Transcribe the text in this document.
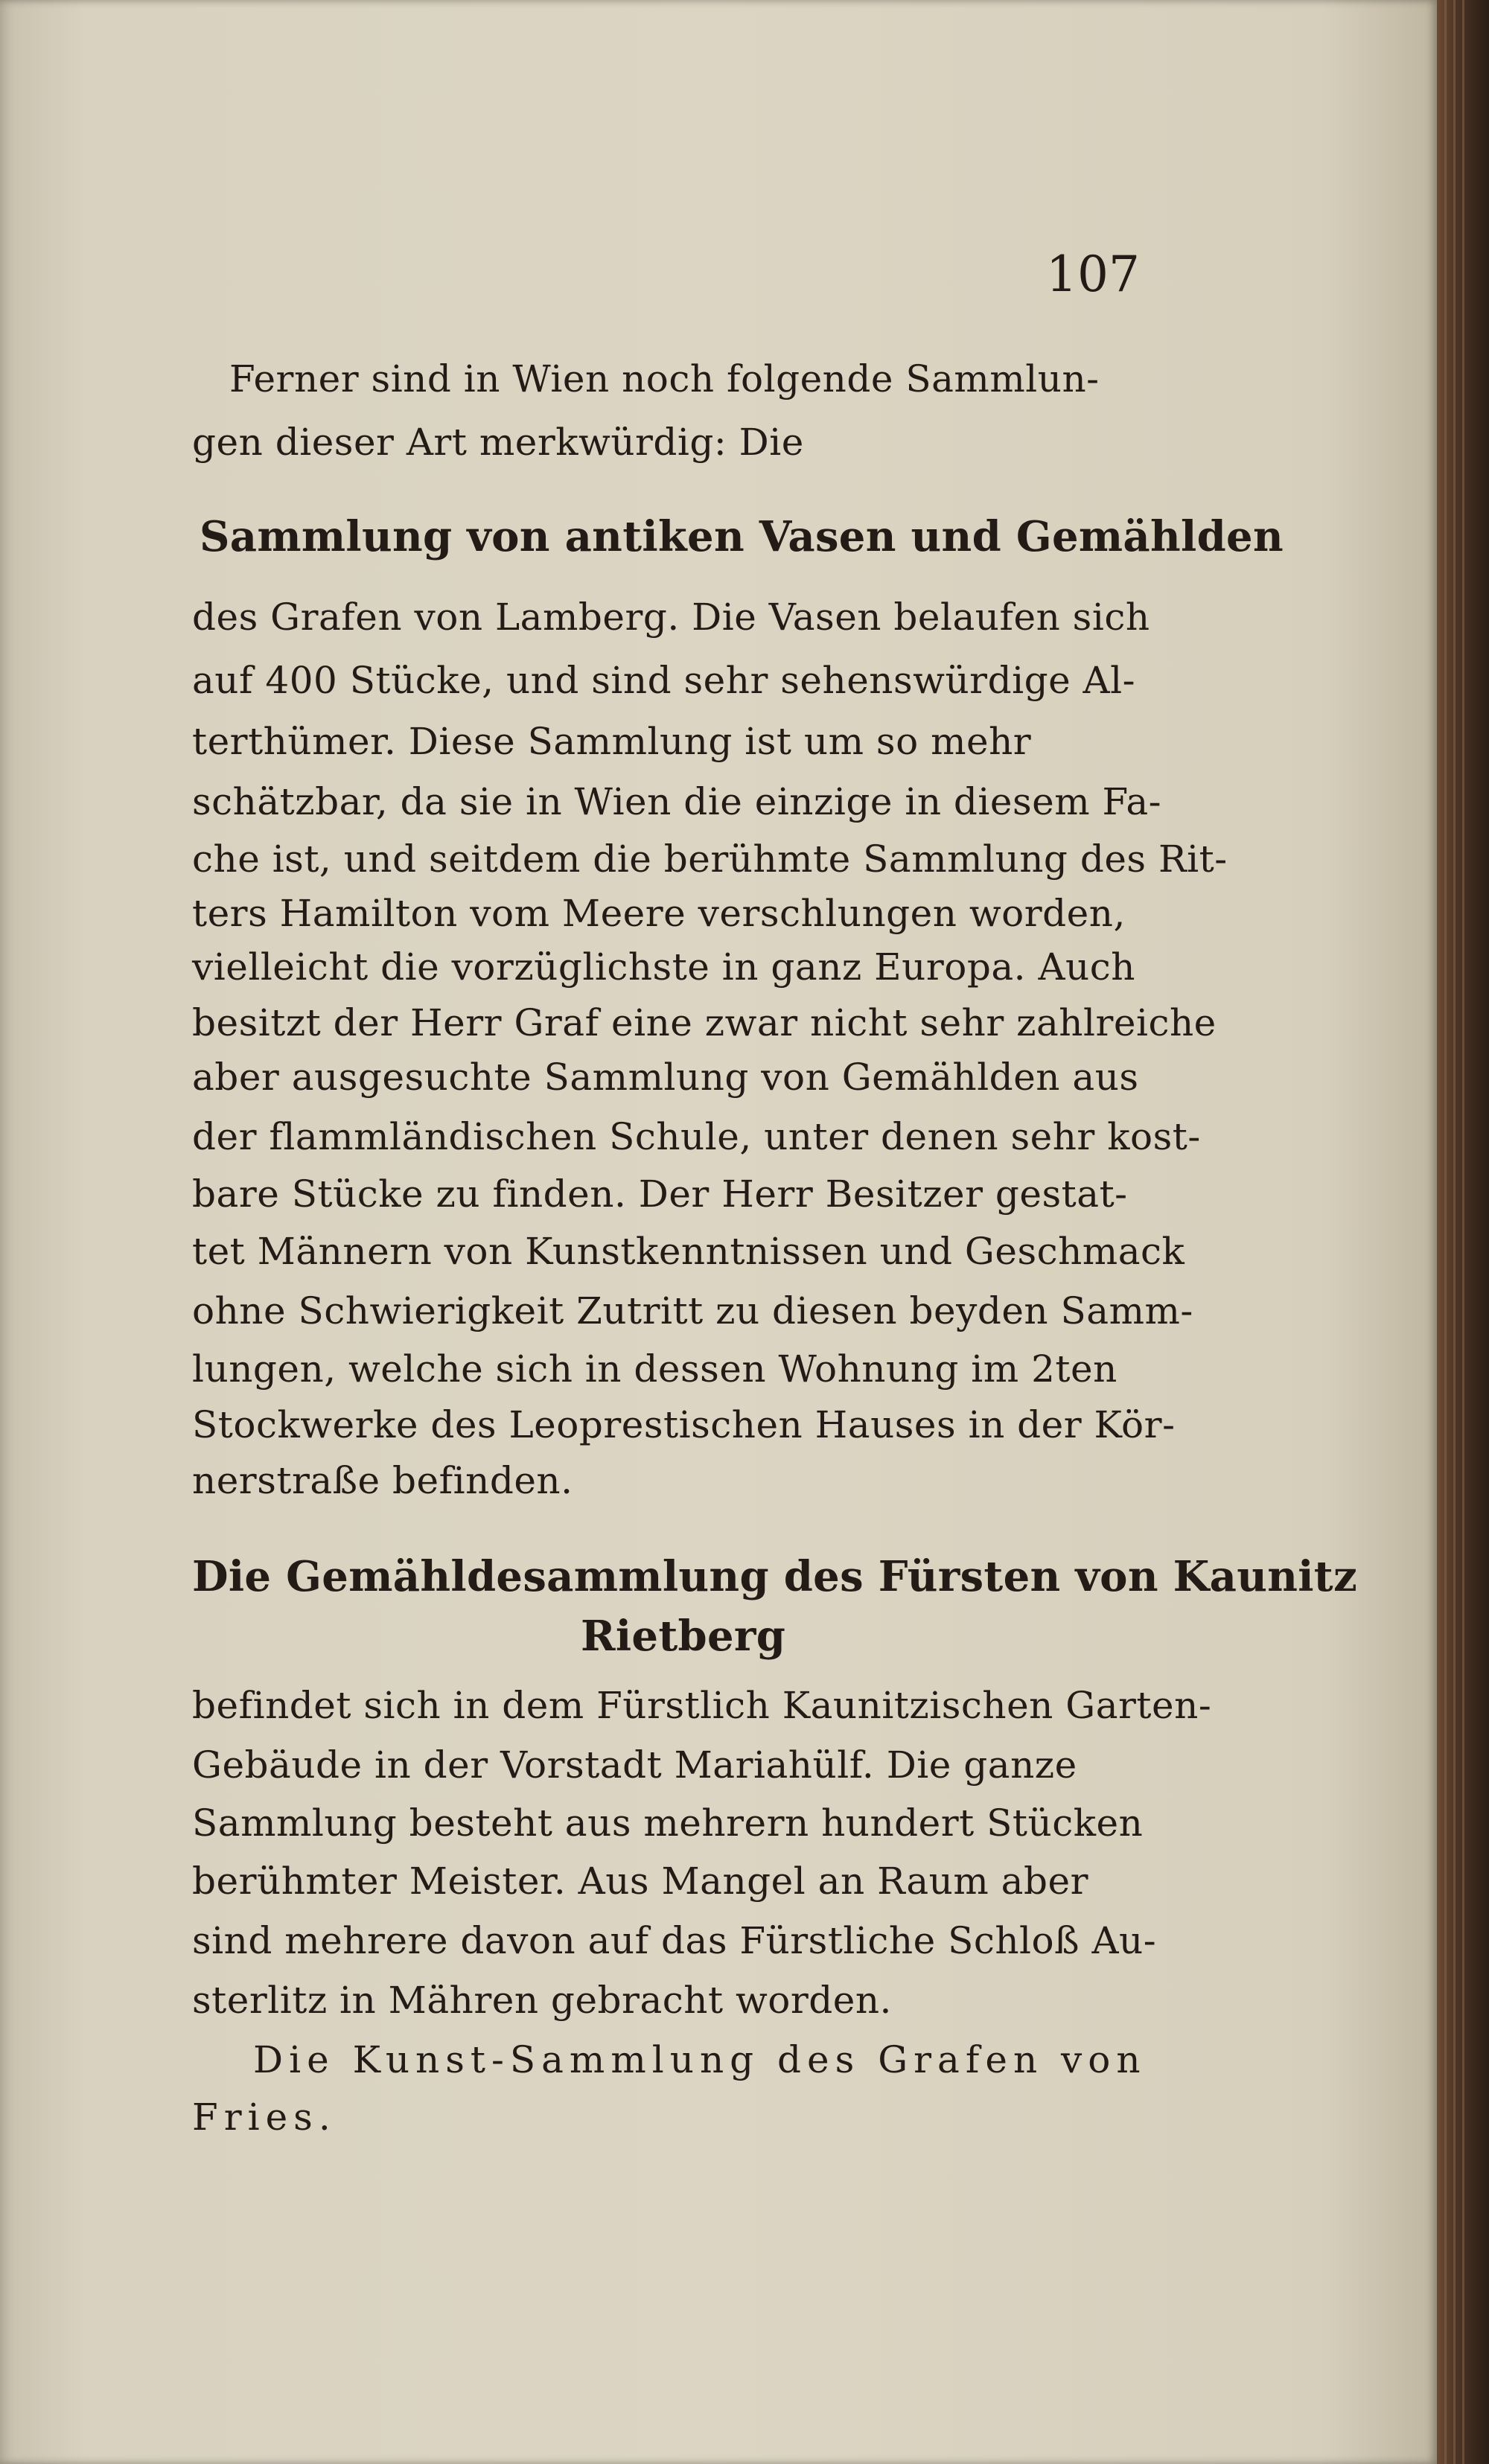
107
Ferner sind in Wien noch folgende Sammlun-
gen dieser Art merkwürdig: Die
Sammlung von antiken Vasen und Gemählden
des Grafen von Lamberg. Die Vasen belaufen sich
auf 400 Stücke, und sind sehr sehenswürdige Al-
terthümer. Diese Sammlung ist um so mehr
schätzbar, da sie in Wien die einzige in diesem Fa-
che ist, und seitdem die berühmte Sammlung des Rit-
ters Hamilton vom Meere verschlungen worden,
vielleicht die vorzüglichste in ganz Europa. Auch
besitzt der Herr Graf eine zwar nicht sehr zahlreiche
aber ausgesuchte Sammlung von Gemählden aus
der flammländischen Schule, unter denen sehr kost-
bare Stücke zu finden. Der Herr Besitzer gestat-
tet Männern von Kunstkenntnissen und Geschmack
ohne Schwierigkeit Zutritt zu diesen beyden Samm-
lungen, welche sich in dessen Wohnung im 2ten
Stockwerke des Leoprestischen Hauses in der Kör-
nerstraße befinden.
Die Gemähldesammlung des Fürsten von Kaunitz
Rietberg
befindet sich in dem Fürstlich Kaunitzischen Garten-
Gebäude in der Vorstadt Mariahülf. Die ganze
Sammlung besteht aus mehrern hundert Stücken
berühmter Meister. Aus Mangel an Raum aber
sind mehrere davon auf das Fürstliche Schloß Au-
sterlitz in Mähren gebracht worden.
Die Kunst-Sammlung des Grafen von
Fries.
